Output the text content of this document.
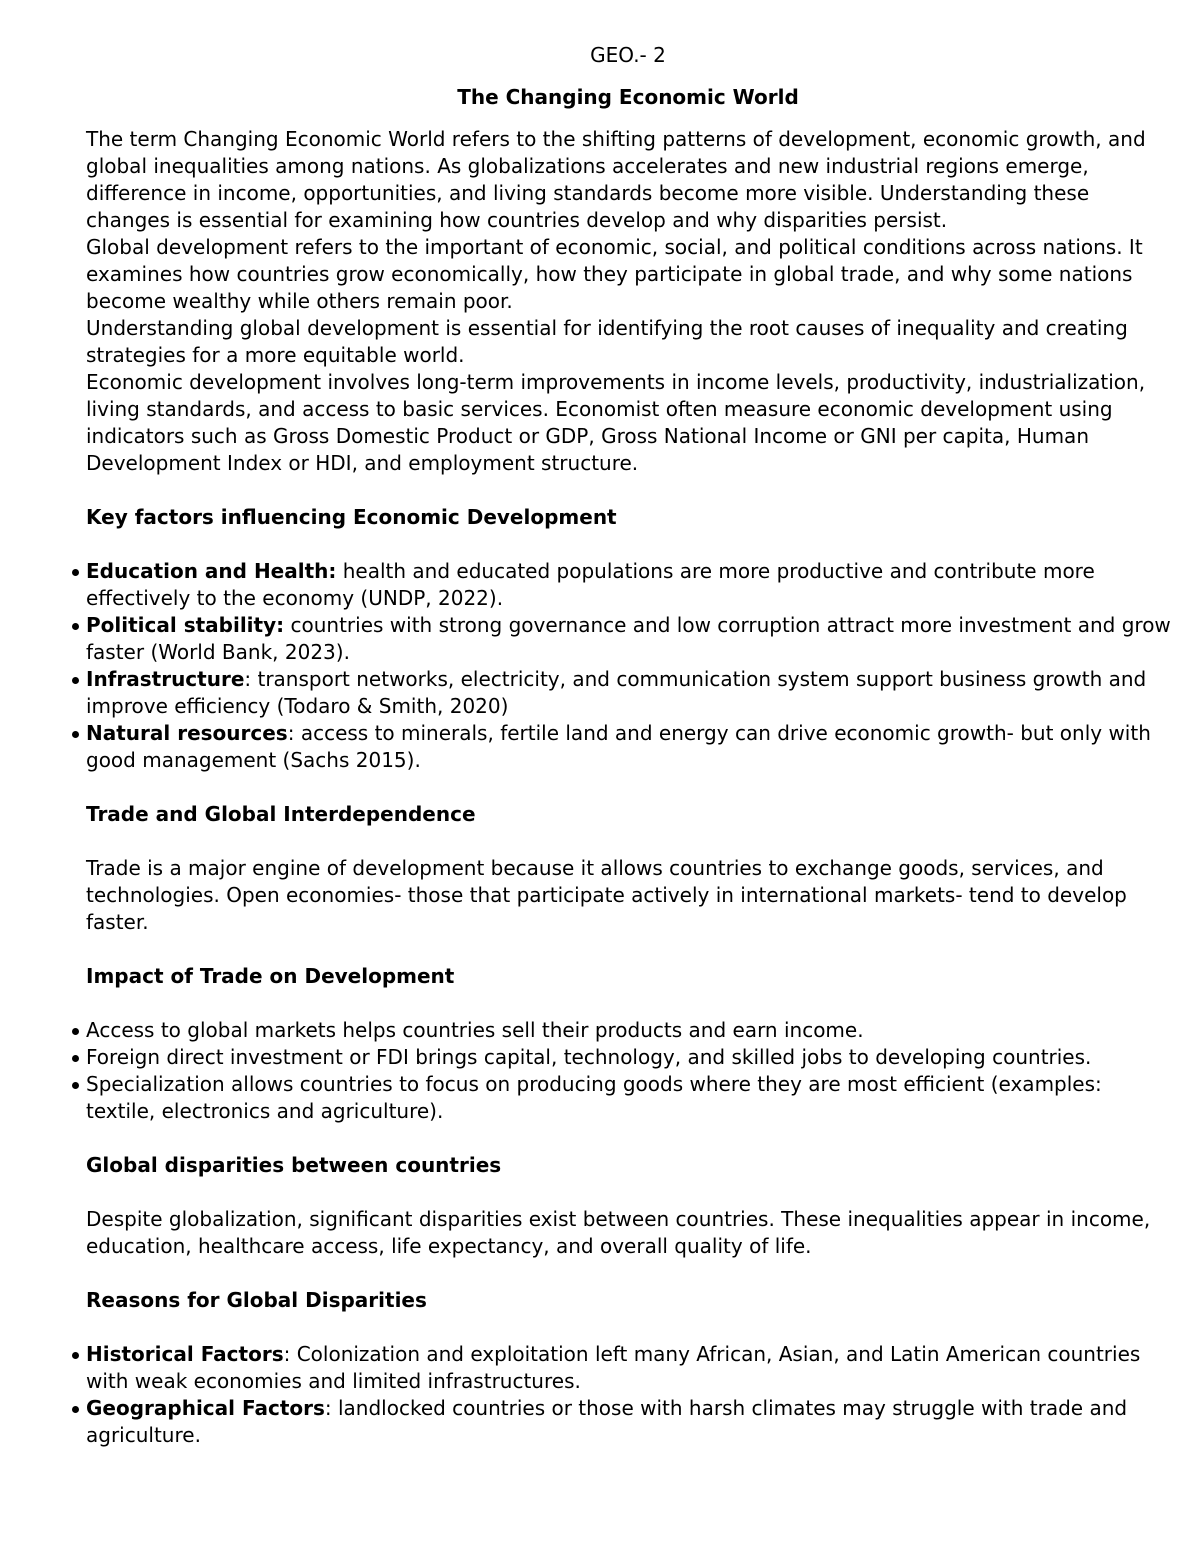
GEO.- 2
The Changing Economic World

The term Changing Economic World refers to the shifting patterns of development, economic growth, and global inequalities among nations. As globalizations accelerates and new industrial regions emerge, difference in income, opportunities, and living standards become more visible. Understanding these changes is essential for examining how countries develop and why disparities persist.

Global development refers to the important of economic, social, and political conditions across nations. It examines how countries grow economically, how they participate in global trade, and why some nations become wealthy while others remain poor.

Understanding global development is essential for identifying the root causes of inequality and creating strategies for a more equitable world.

Economic development involves long-term improvements in income levels, productivity, industrialization, living standards, and access to basic services. Economist often measure economic development using indicators such as Gross Domestic Product or GDP, Gross National Income or GNI per capita, Human Development Index or HDI, and employment structure.

Key factors influencing Economic Development

Education and Health: health and educated populations are more productive and contribute more effectively to the economy (UNDP, 2022).
Political stability: countries with strong governance and low corruption attract more investment and grow faster (World Bank, 2023).
Infrastructure: transport networks, electricity, and communication system support business growth and improve efficiency (Todaro & Smith, 2020)
Natural resources: access to minerals, fertile land and energy can drive economic growth- but only with good management (Sachs 2015).

Trade and Global Interdependence

Trade is a major engine of development because it allows countries to exchange goods, services, and technologies. Open economies- those that participate actively in international markets- tend to develop faster.

Impact of Trade on Development

Access to global markets helps countries sell their products and earn income.
Foreign direct investment or FDI brings capital, technology, and skilled jobs to developing countries.
Specialization allows countries to focus on producing goods where they are most efficient (examples: textile, electronics and agriculture).

Global disparities between countries

Despite globalization, significant disparities exist between countries. These inequalities appear in income, education, healthcare access, life expectancy, and overall quality of life.

Reasons for Global Disparities

Historical Factors: Colonization and exploitation left many African, Asian, and Latin American countries with weak economies and limited infrastructures.
Geographical Factors: landlocked countries or those with harsh climates may struggle with trade and agriculture.
